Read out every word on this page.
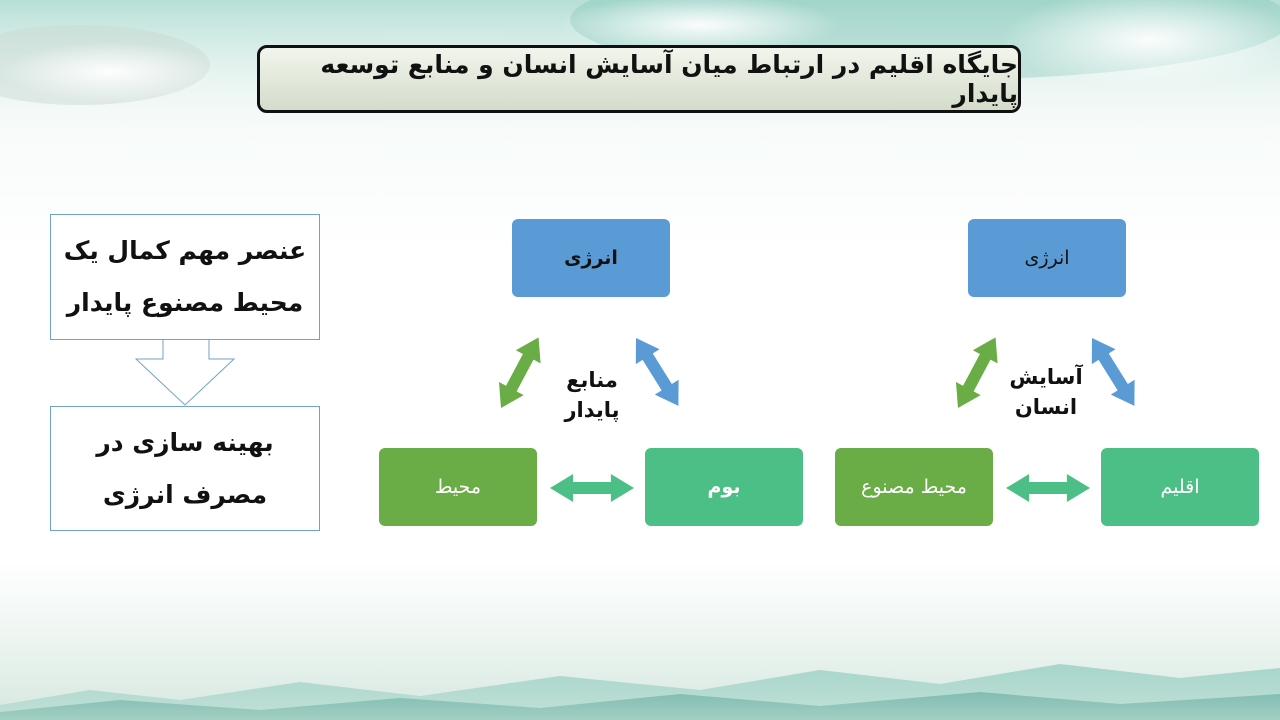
جایگاه اقلیم در ارتباط میان آسایش انسان و منابع توسعه پایدار
عنصر مهم کمال یک محیط مصنوع پایدار
بهینه سازی در مصرف انرژی
انرژی
محیط	بوم
منابع پایدار
انرژی
محیط مصنوع	اقلیم
آسایش انسان
